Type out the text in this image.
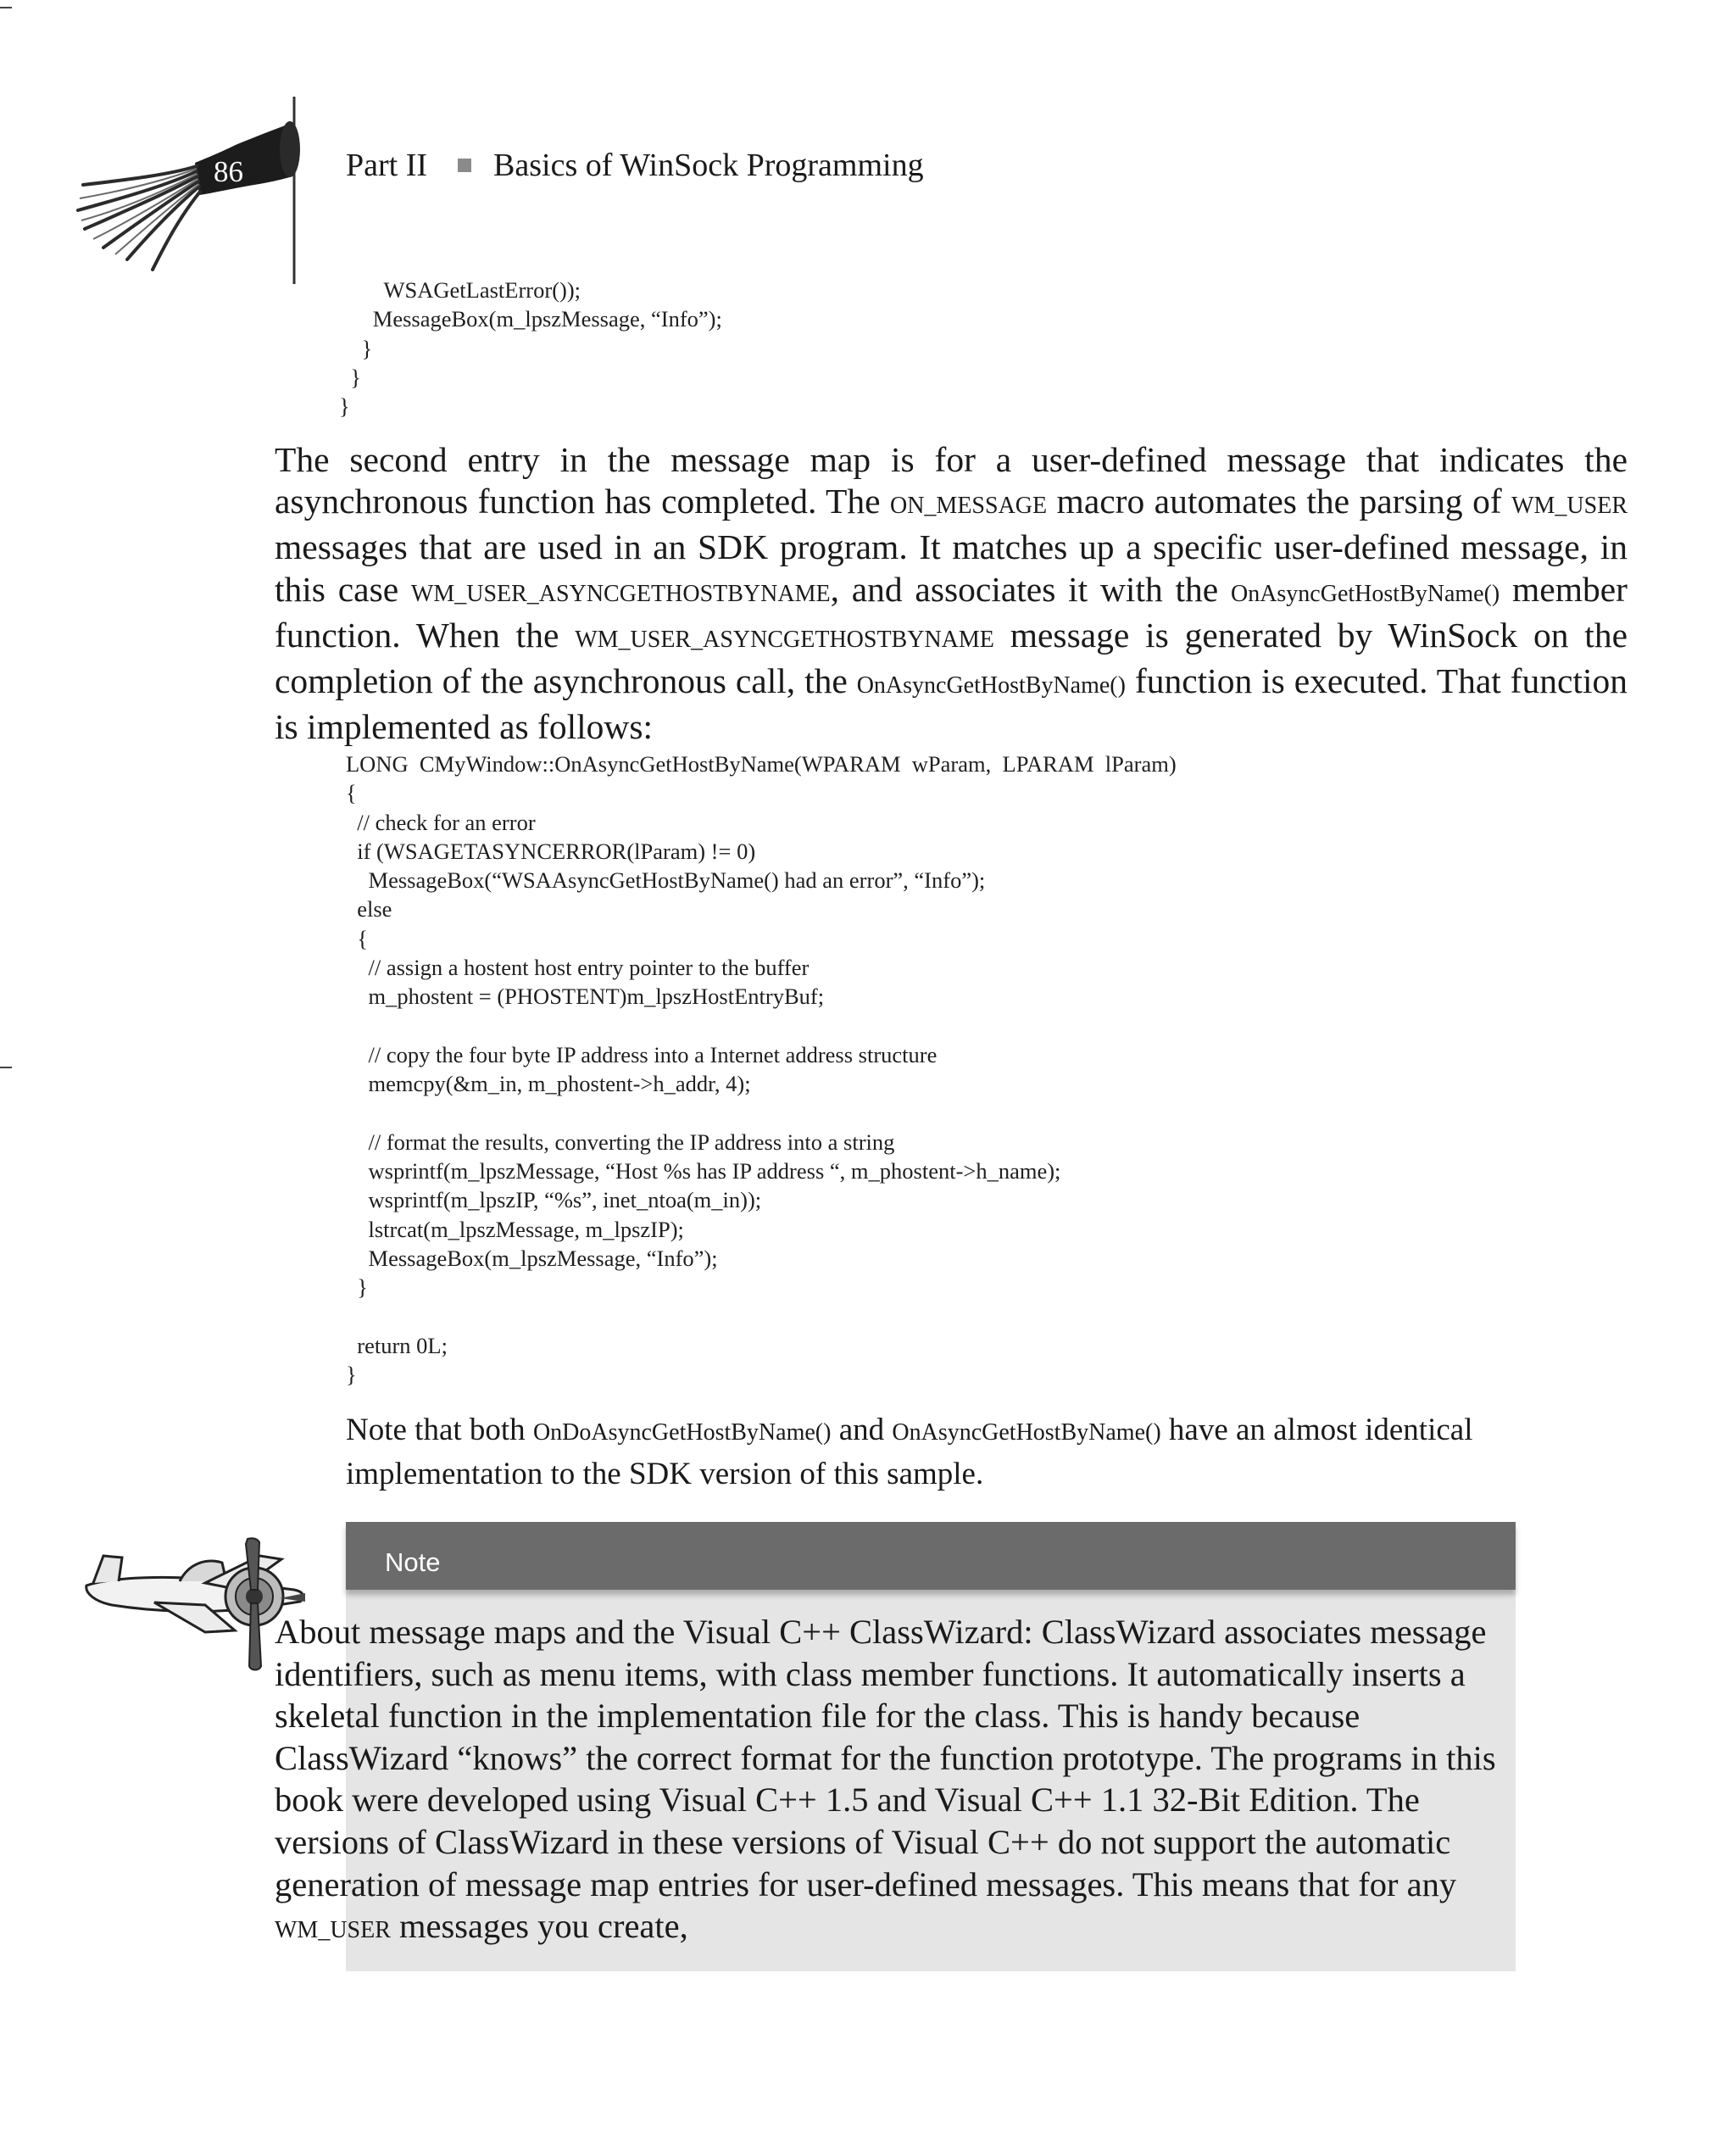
86	Part II Basics of WinSock Programming
WSAGetLastError());
MessageBox(m_lpszMessage, “Info”);
}
}
}
The second entry in the message map is for a user-defined message that indicates the asynchronous function has completed. The ON_MESSAGE macro automates the parsing of WM_USER messages that are used in an SDK program. It matches up a specific user-defined message, in this case WM_USER_ASYNCGETHOSTBYNAME, and associates it with the OnAsyncGetHostByName() member function. When the WM_USER_ASYNCGETHOSTBYNAME message is generated by WinSock on the completion of the asynchronous call, the OnAsyncGetHostByName() function is executed. That function is implemented as follows:
LONG  CMyWindow::OnAsyncGetHostByName(WPARAM  wParam,  LPARAM  lParam)
{
// check for an error
if (WSAGETASYNCERROR(lParam) != 0)
MessageBox(“WSAAsyncGetHostByName() had an error”, “Info”);
else
{
// assign a hostent host entry pointer to the buffer
m_phostent = (PHOSTENT)m_lpszHostEntryBuf;

// copy the four byte IP address into a Internet address structure
memcpy(&m_in, m_phostent->h_addr, 4);

// format the results, converting the IP address into a string
wsprintf(m_lpszMessage, “Host %s has IP address “, m_phostent->h_name);
wsprintf(m_lpszIP, “%s”, inet_ntoa(m_in));
lstrcat(m_lpszMessage, m_lpszIP);
MessageBox(m_lpszMessage, “Info”);
}

return 0L;
}
Note that both OnDoAsyncGetHostByName() and OnAsyncGetHostByName() have an almost identical implementation to the SDK version of this sample.
Note
About message maps and the Visual C++ ClassWizard: ClassWizard associates message identifiers, such as menu items, with class member functions. It automatically inserts a skeletal function in the implementation file for the class. This is handy because ClassWizard “knows” the correct format for the function prototype. The programs in this book were developed using Visual C++ 1.5 and Visual C++ 1.1 32-Bit Edition. The versions of ClassWizard in these versions of Visual C++ do not support the automatic generation of message map entries for user-defined messages. This means that for any WM_USER messages you create,
